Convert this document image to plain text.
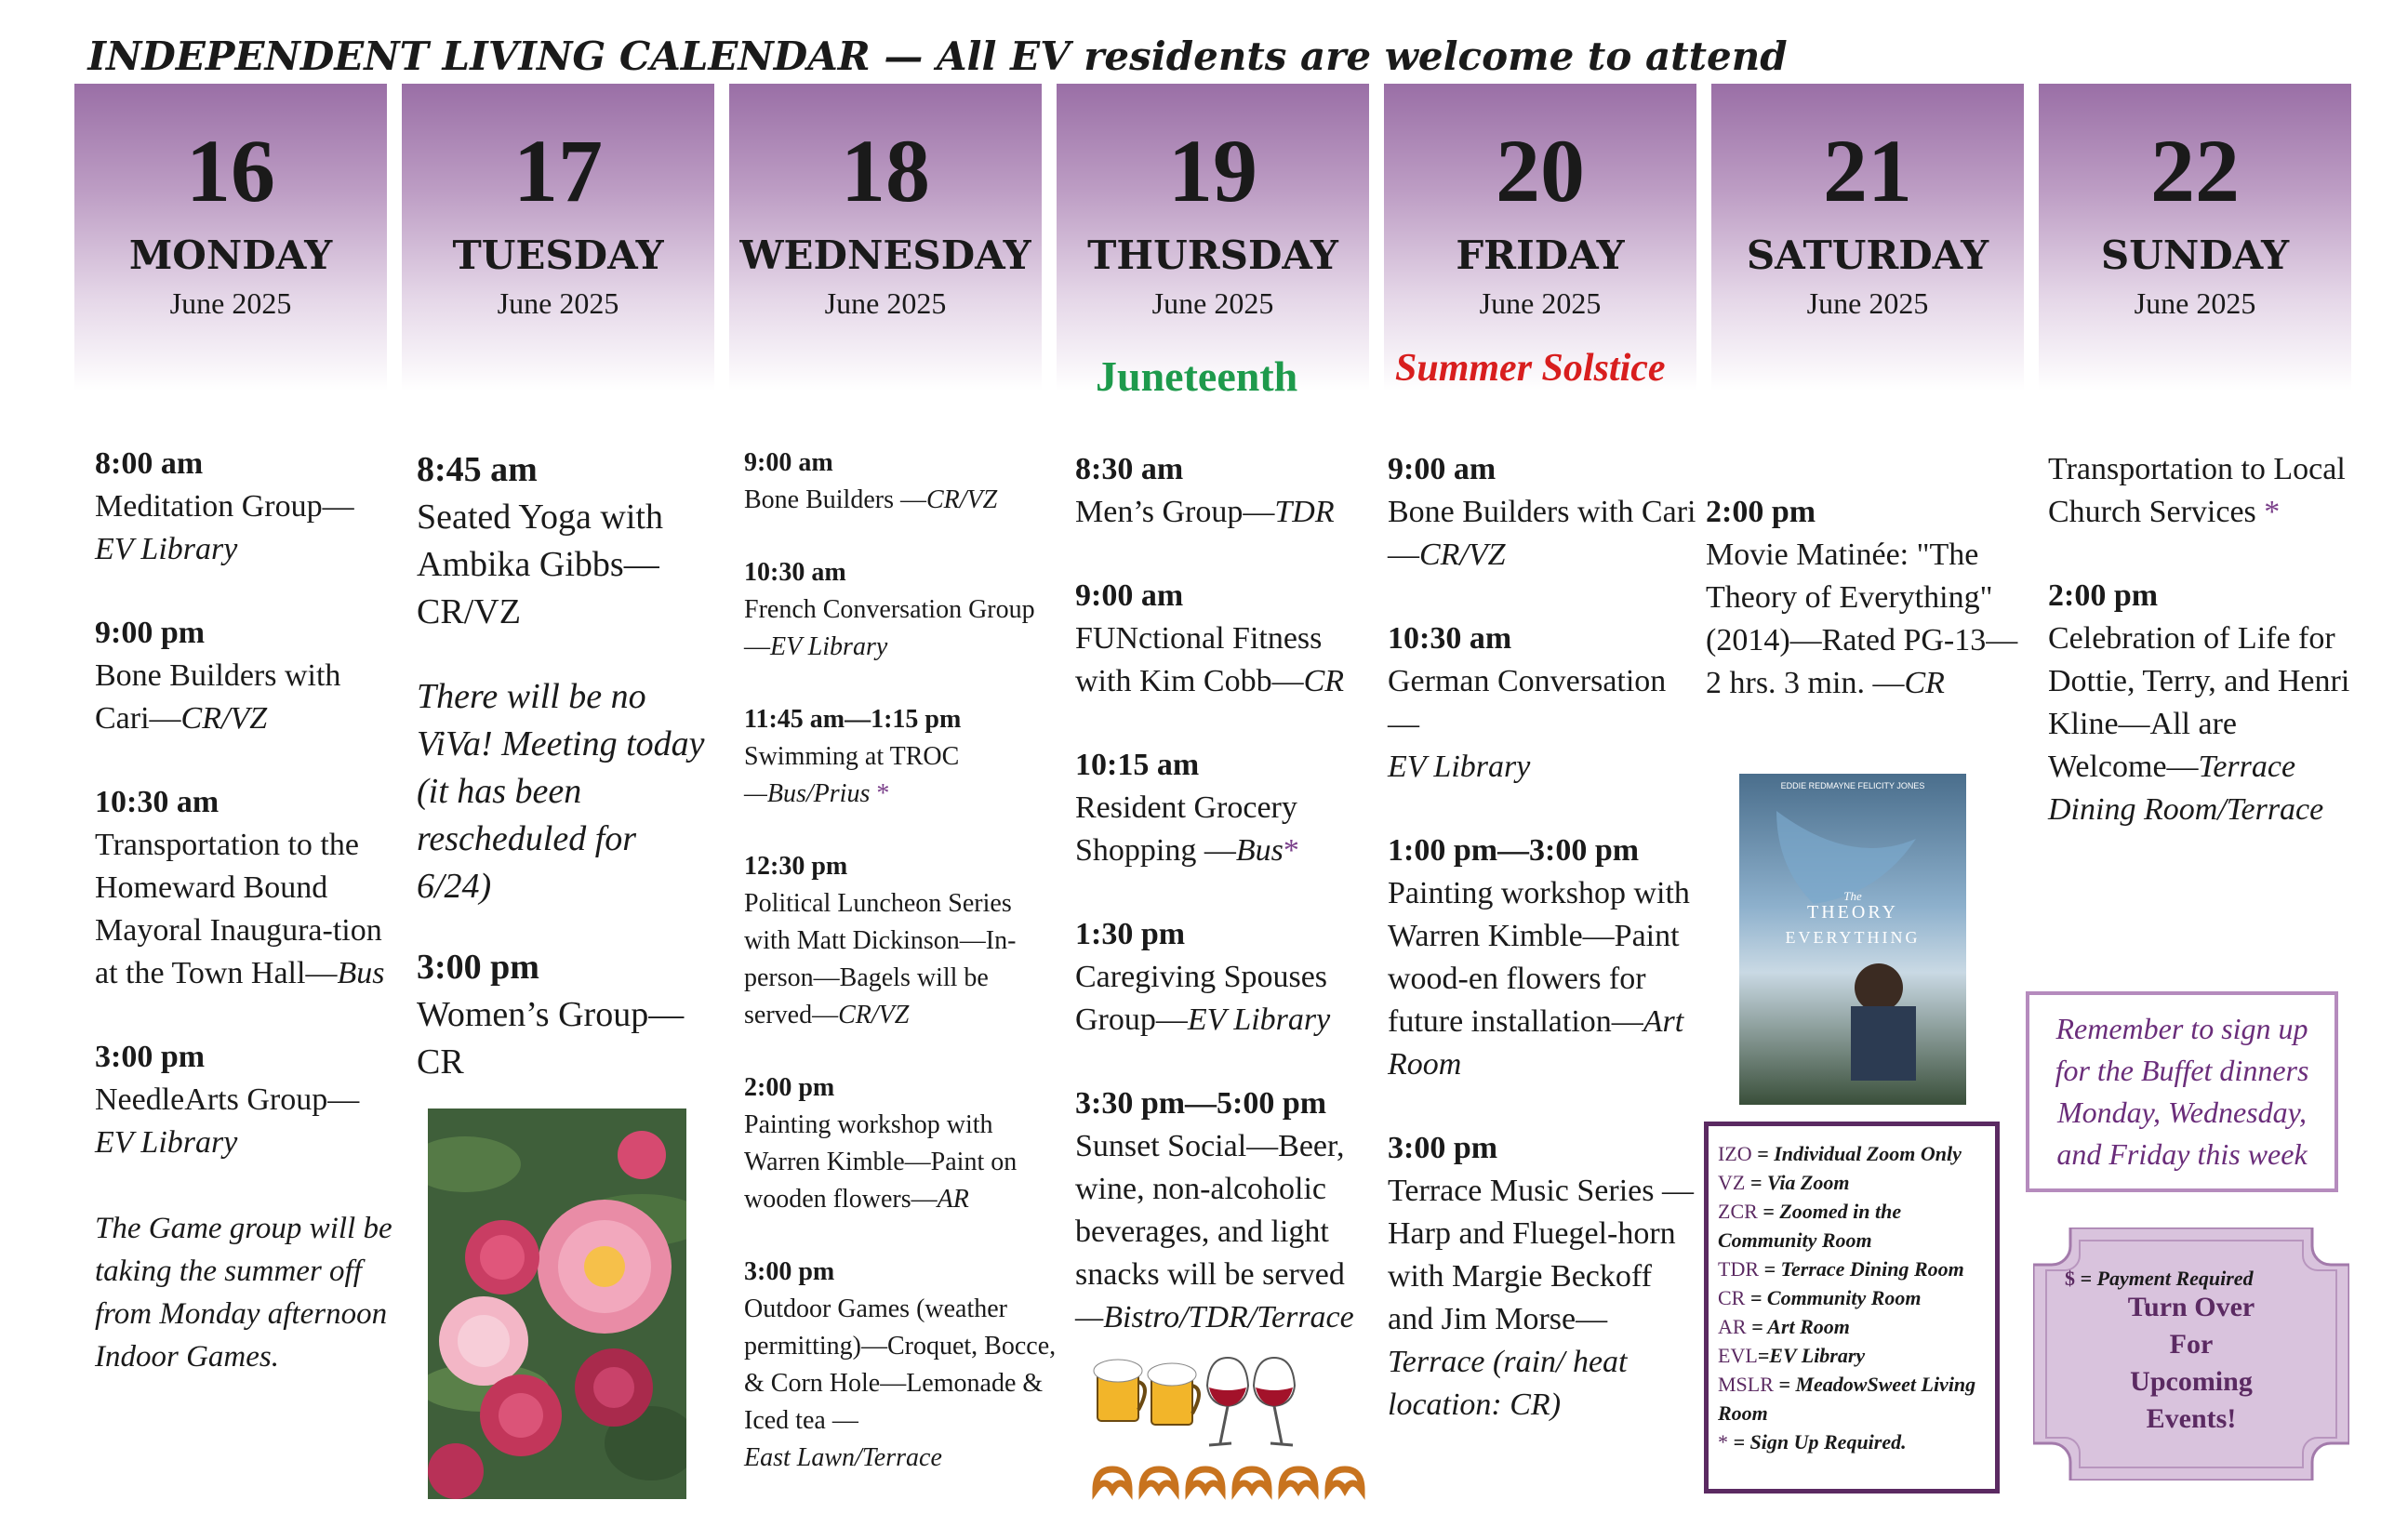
INDEPENDENT LIVING CALENDAR — All EV residents are welcome to attend
16
MONDAY
June 2025
17
TUESDAY
June 2025
18
WEDNESDAY
June 2025
19
THURSDAY
June 2025
20
FRIDAY
June 2025
21
SATURDAY
June 2025
22
SUNDAY
June 2025
Juneteenth Summer Solstice
8:00 am
Meditation Group—
EV Library
9:00 pm
Bone Builders with Cari—CR/VZ
10:30 am
Transportation to the Homeward Bound Mayoral Inaugura-tion at the Town Hall—Bus
3:00 pm
NeedleArts Group—
EV Library
The Game group will be taking the summer off from Monday afternoon Indoor Games.
8:45 am
Seated Yoga with Ambika Gibbs—
CR/VZ
There will be no ViVa! Meeting today (it has been rescheduled for 6/24)
3:00 pm
Women’s Group—
CR
9:00 am
Bone Builders —CR/VZ
10:30 am
French Conversation Group—EV Library
11:45 am—1:15 pm
Swimming at TROC
—Bus/Prius *
12:30 pm
Political Luncheon Series with Matt Dickinson—In-person—Bagels will be served—CR/VZ
2:00 pm
Painting workshop with Warren Kimble—Paint on wooden flowers—AR
3:00 pm
Outdoor Games (weather permitting)—Croquet, Bocce, & Corn Hole—Lemonade & Iced tea —
East Lawn/Terrace
8:30 am
Men’s Group—TDR
9:00 am
FUNctional Fitness with Kim Cobb—CR
10:15 am
Resident Grocery Shopping —Bus*
1:30 pm
Caregiving Spouses Group—EV Library
3:30 pm—5:00 pm
Sunset Social—Beer, wine, non-alcoholic beverages, and light snacks will be served
—Bistro/TDR/Terrace
9:00 am
Bone Builders with Cari—CR/VZ
10:30 am
German Conversation —
EV Library
1:00 pm—3:00 pm
Painting workshop with Warren Kimble—Paint wood-en flowers for future installation—Art Room
3:00 pm
Terrace Music Series —Harp and Fluegel-horn with Margie Beckoff and Jim Morse—Terrace (rain/ heat location: CR)
2:00 pm
Movie Matinée: "The Theory of Everything" (2014)—Rated PG-13—2 hrs. 3 min. —CR
EDDIE REDMAYNE FELICITY JONES
The
THEORY
EVERYTHING
Transportation to Local Church Services *
2:00 pm
Celebration of Life for Dottie, Terry, and Henri Kline—All are Welcome—Terrace Dining Room/Terrace
Remember to sign up for the Buffet dinners Monday, Wednesday, and Friday this week
IZO = Individual Zoom Only
VZ = Via Zoom
ZCR = Zoomed in the Community Room
TDR = Terrace Dining Room
CR = Community Room
AR = Art Room
EVL=EV Library
MSLR = MeadowSweet Living Room
* = Sign Up Required.
$ = Payment Required
Turn Over
For
Upcoming
Events!
